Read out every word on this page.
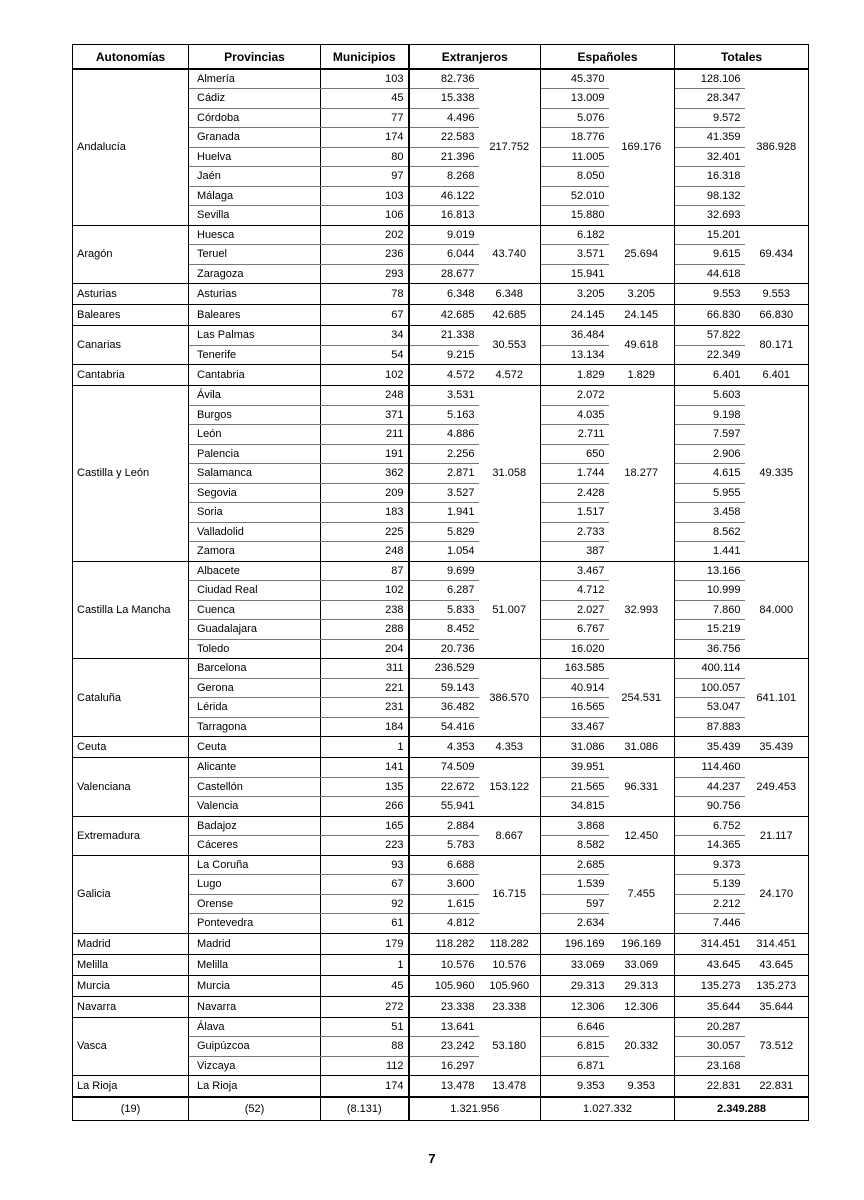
Autonomías	Provincias	Municipios	Extranjeros		Españoles		Totales	
Andalucía	Almería	103	82.736	217.752	45.370	169.176	128.106	386.928
	Cádiz	45	15.338		13.009		28.347	
	Córdoba	77	4.496		5.076		9.572	
	Granada	174	22.583		18.776		41.359	
	Huelva	80	21.396		11.005		32.401	
	Jaén	97	8.268		8.050		16.318	
	Málaga	103	46.122		52.010		98.132	
	Sevilla	106	16.813		15.880		32.693	
Aragón	Huesca	202	9.019	43.740	6.182	25.694	15.201	69.434
	Teruel	236	6.044		3.571		9.615	
	Zaragoza	293	28.677		15.941		44.618	
Asturias	Asturias	78	6.348	6.348	3.205	3.205	9.553	9.553
Baleares	Baleares	67	42.685	42.685	24.145	24.145	66.830	66.830
Canarias	Las Palmas	34	21.338	30.553	36.484	49.618	57.822	80.171
	Tenerife	54	9.215		13.134		22.349	
Cantabria	Cantabria	102	4.572	4.572	1.829	1.829	6.401	6.401
Castilla y León	Ávila	248	3.531	31.058	2.072	18.277	5.603	49.335
	Burgos	371	5.163		4.035		9.198	
	León	211	4.886		2.711		7.597	
	Palencia	191	2.256		650		2.906	
	Salamanca	362	2.871		1.744		4.615	
	Segovia	209	3.527		2.428		5.955	
	Soria	183	1.941		1.517		3.458	
	Valladolid	225	5.829		2.733		8.562	
	Zamora	248	1.054		387		1.441	
Castilla La Mancha	Albacete	87	9.699	51.007	3.467	32.993	13.166	84.000
	Ciudad Real	102	6.287		4.712		10.999	
	Cuenca	238	5.833		2.027		7.860	
	Guadalajara	288	8.452		6.767		15.219	
	Toledo	204	20.736		16.020		36.756	
Cataluña	Barcelona	311	236.529	386.570	163.585	254.531	400.114	641.101
	Gerona	221	59.143		40.914		100.057	
	Lérida	231	36.482		16.565		53.047	
	Tarragona	184	54.416		33.467		87.883	
Ceuta	Ceuta	1	4.353	4.353	31.086	31.086	35.439	35.439
Valenciana	Alicante	141	74.509	153.122	39.951	96.331	114.460	249.453
	Castellón	135	22.672		21.565		44.237	
	Valencia	266	55.941		34.815		90.756	
Extremadura	Badajoz	165	2.884	8.667	3.868	12.450	6.752	21.117
	Cáceres	223	5.783		8.582		14.365	
Galicia	La Coruña	93	6.688	16.715	2.685	7.455	9.373	24.170
	Lugo	67	3.600		1.539		5.139	
	Orense	92	1.615		597		2.212	
	Pontevedra	61	4.812		2.634		7.446	
Madrid	Madrid	179	118.282	118.282	196.169	196.169	314.451	314.451
Melilla	Melilla	1	10.576	10.576	33.069	33.069	43.645	43.645
Murcia	Murcia	45	105.960	105.960	29.313	29.313	135.273	135.273
Navarra	Navarra	272	23.338	23.338	12.306	12.306	35.644	35.644
Vasca	Álava	51	13.641	53.180	6.646	20.332	20.287	73.512
	Guipúzcoa	88	23.242		6.815		30.057	
	Vizcaya	112	16.297		6.871		23.168	
La Rioja	La Rioja	174	13.478	13.478	9.353	9.353	22.831	22.831
(19)	(52)	(8.131)	1.321.956		1.027.332		2.349.288	
7
